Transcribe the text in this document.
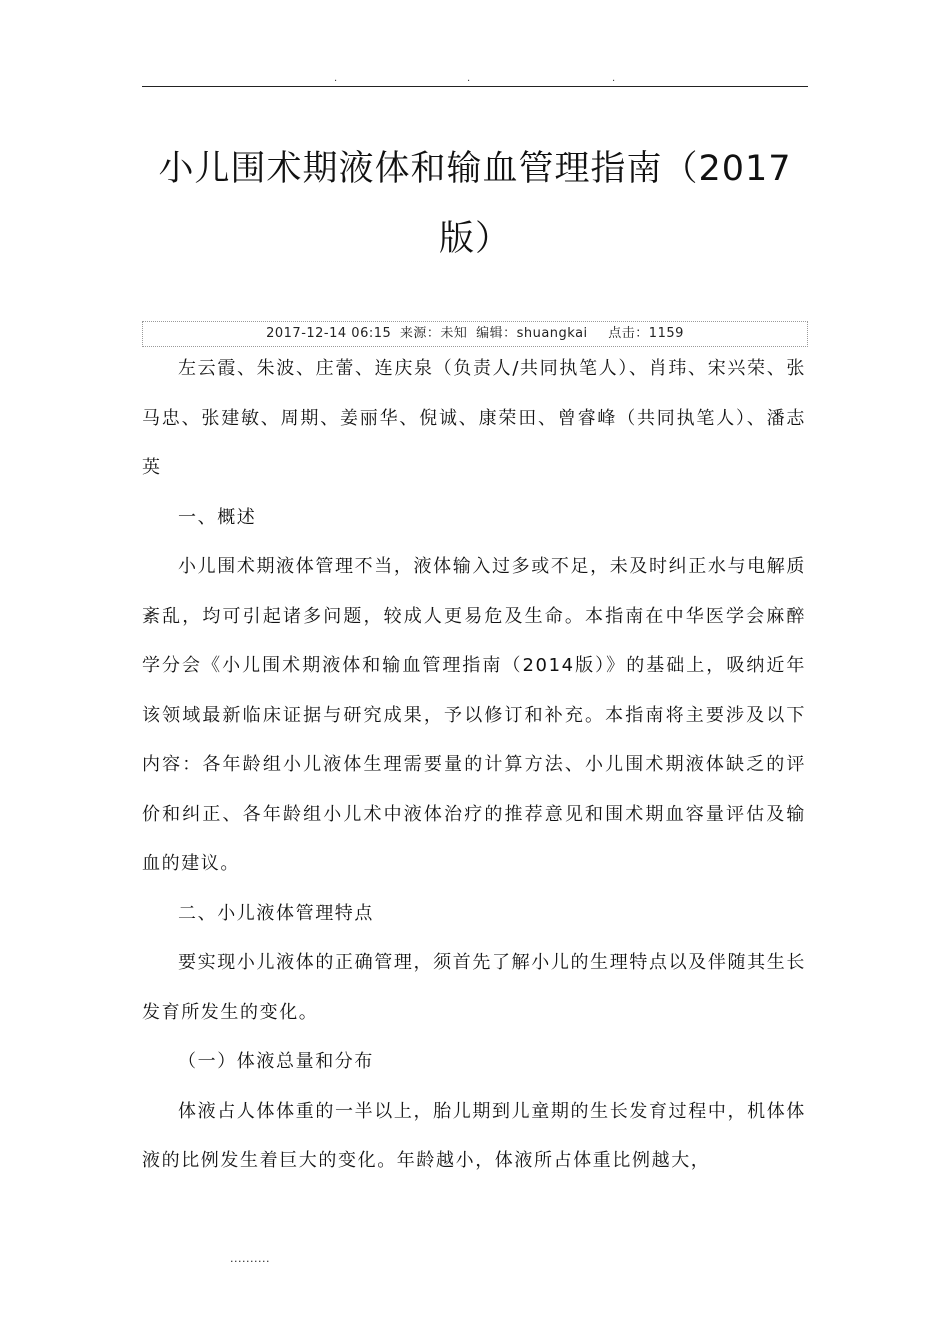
.	.	.
小儿围术期液体和输血管理指南（2017
版）
2017-12-14 06:15 来源：未知 编辑：shuangkai 点击：1159

左云霞、朱波、庄蕾、连庆泉（负责人/共同执笔人）、肖玮、宋兴荣、张马忠、张建敏、周期、姜丽华、倪诚、康荣田、曾睿峰（共同执笔人）、潘志英

一、概述

小儿围术期液体管理不当，液体输入过多或不足，未及时纠正水与电解质紊乱，均可引起诸多问题，较成人更易危及生命。本指南在中华医学会麻醉学分会《小儿围术期液体和输血管理指南（2014版）》的基础上，吸纳近年该领域最新临床证据与研究成果，予以修订和补充。本指南将主要涉及以下内容：各年龄组小儿液体生理需要量的计算方法、小儿围术期液体缺乏的评价和纠正、各年龄组小儿术中液体治疗的推荐意见和围术期血容量评估及输血的建议。

二、小儿液体管理特点

要实现小儿液体的正确管理，须首先了解小儿的生理特点以及伴随其生长发育所发生的变化。

（一）体液总量和分布

体液占人体体重的一半以上，胎儿期到儿童期的生长发育过程中，机体体液的比例发生着巨大的变化。年龄越小，体液所占体重比例越大，

..........
